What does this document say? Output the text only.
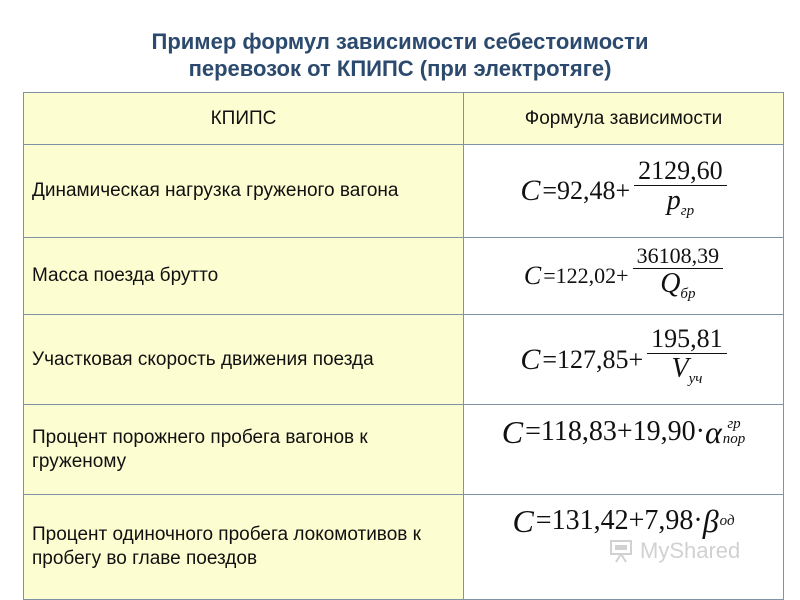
Пример формул зависимости себестоимости
перевозок от КПИПС (при электротяге)
КПИПС	Формула зависимости
Динамическая нагрузка груженого вагона	$C =92,48+ \frac{2129,60}{p_{гр}}$

Масса поезда брутто	$C =122,02+ \frac{36108,39}{Q_{бр}}$

Участковая скорость движения поезда	$C =127,85+ \frac{195,81}{V_{уч}}$

Процент порожнего пробега вагонов к груженому	C =118,83+19,90· α гр
пор

Процент одиночного пробега локомотивов к пробегу во главе поездов	C =131,42+7,98· β од
MyShared
